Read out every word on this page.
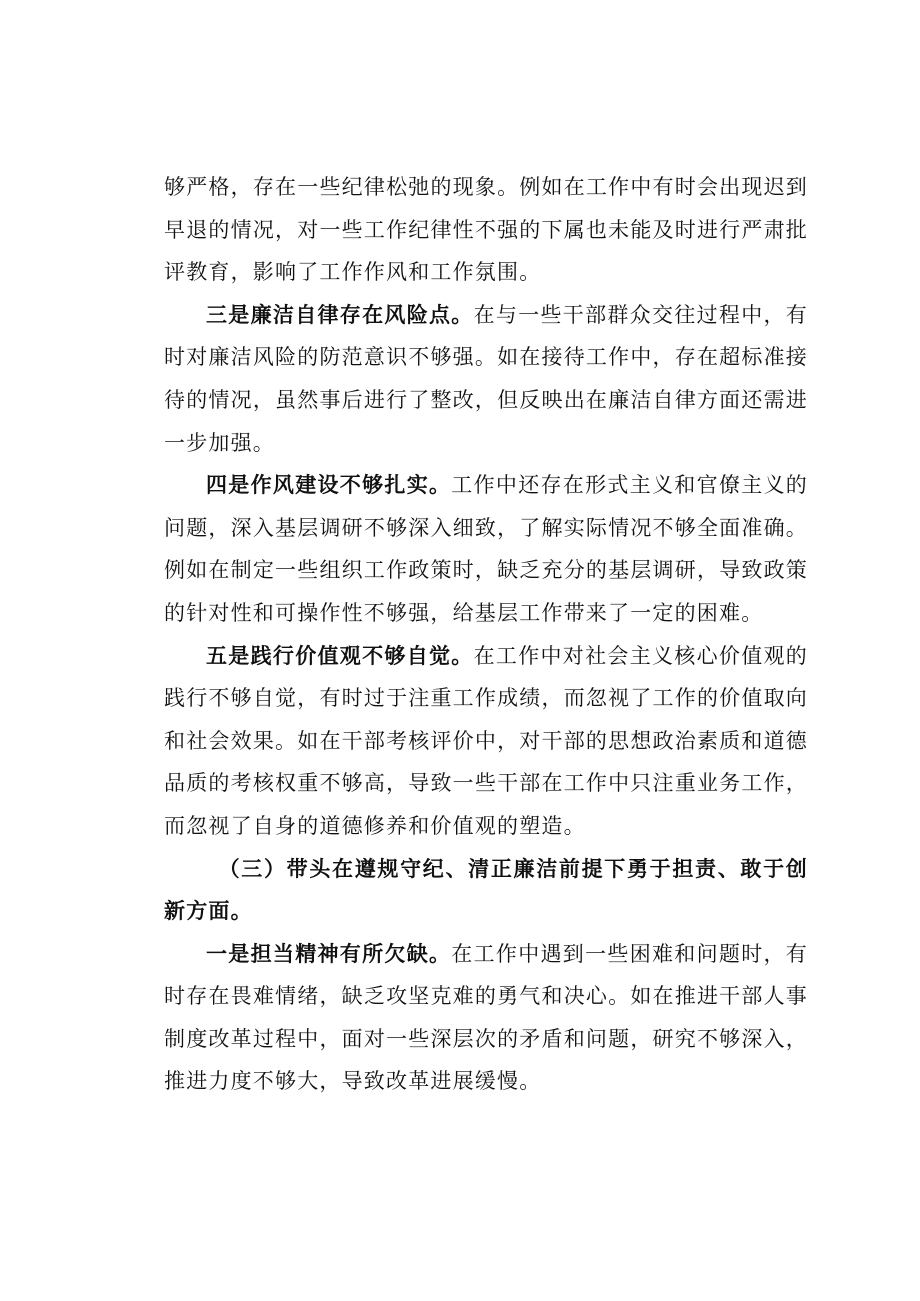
够严格，存在一些纪律松弛的现象。例如在工作中有时会出现迟到早退的情况，对一些工作纪律性不强的下属也未能及时进行严肃批评教育，影响了工作作风和工作氛围。

三是廉洁自律存在风险点。在与一些干部群众交往过程中，有时对廉洁风险的防范意识不够强。如在接待工作中，存在超标准接待的情况，虽然事后进行了整改，但反映出在廉洁自律方面还需进一步加强。

四是作风建设不够扎实。工作中还存在形式主义和官僚主义的问题，深入基层调研不够深入细致，了解实际情况不够全面准确。例如在制定一些组织工作政策时，缺乏充分的基层调研，导致政策的针对性和可操作性不够强，给基层工作带来了一定的困难。

五是践行价值观不够自觉。在工作中对社会主义核心价值观的践行不够自觉，有时过于注重工作成绩，而忽视了工作的价值取向和社会效果。如在干部考核评价中，对干部的思想政治素质和道德品质的考核权重不够高，导致一些干部在工作中只注重业务工作，而忽视了自身的道德修养和价值观的塑造。

（三）带头在遵规守纪、清正廉洁前提下勇于担责、敢于创新方面。

一是担当精神有所欠缺。在工作中遇到一些困难和问题时，有时存在畏难情绪，缺乏攻坚克难的勇气和决心。如在推进干部人事制度改革过程中，面对一些深层次的矛盾和问题，研究不够深入，推进力度不够大，导致改革进展缓慢。
